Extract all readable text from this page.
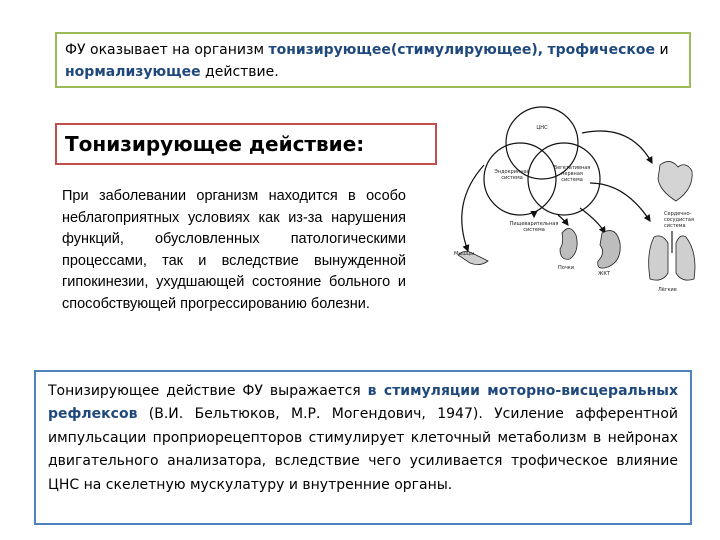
ФУ оказывает на организм тонизирующее(стимулирующее), трофическое и нормализующее действие.
Тонизирующее действие:
При заболевании организм находится в особо неблагоприятных условиях как из-за нарушения функций, обусловленных патологическими процессами, так и вследствие вынужденной гипокинезии, ухудшающей состояние больного и способствующей прогрессированию болезни.
ЦНС
Эндокринная
система
Вегетативная
нервная
система
Мышцы
Пищеварительная
система
Почки
ЖКТ
Сердечно-
сосудистая
система
Лёгкие
Тонизирующее действие ФУ выражается в стимуляции моторно-висцеральных рефлексов (В.И. Бельтюков, М.Р. Могендович, 1947). Усиление афферентной импульсации проприорецепторов стимулирует клеточный метаболизм в нейронах двигательного анализатора, вследствие чего усиливается трофическое влияние ЦНС на скелетную мускулатуру и внутренние органы.
